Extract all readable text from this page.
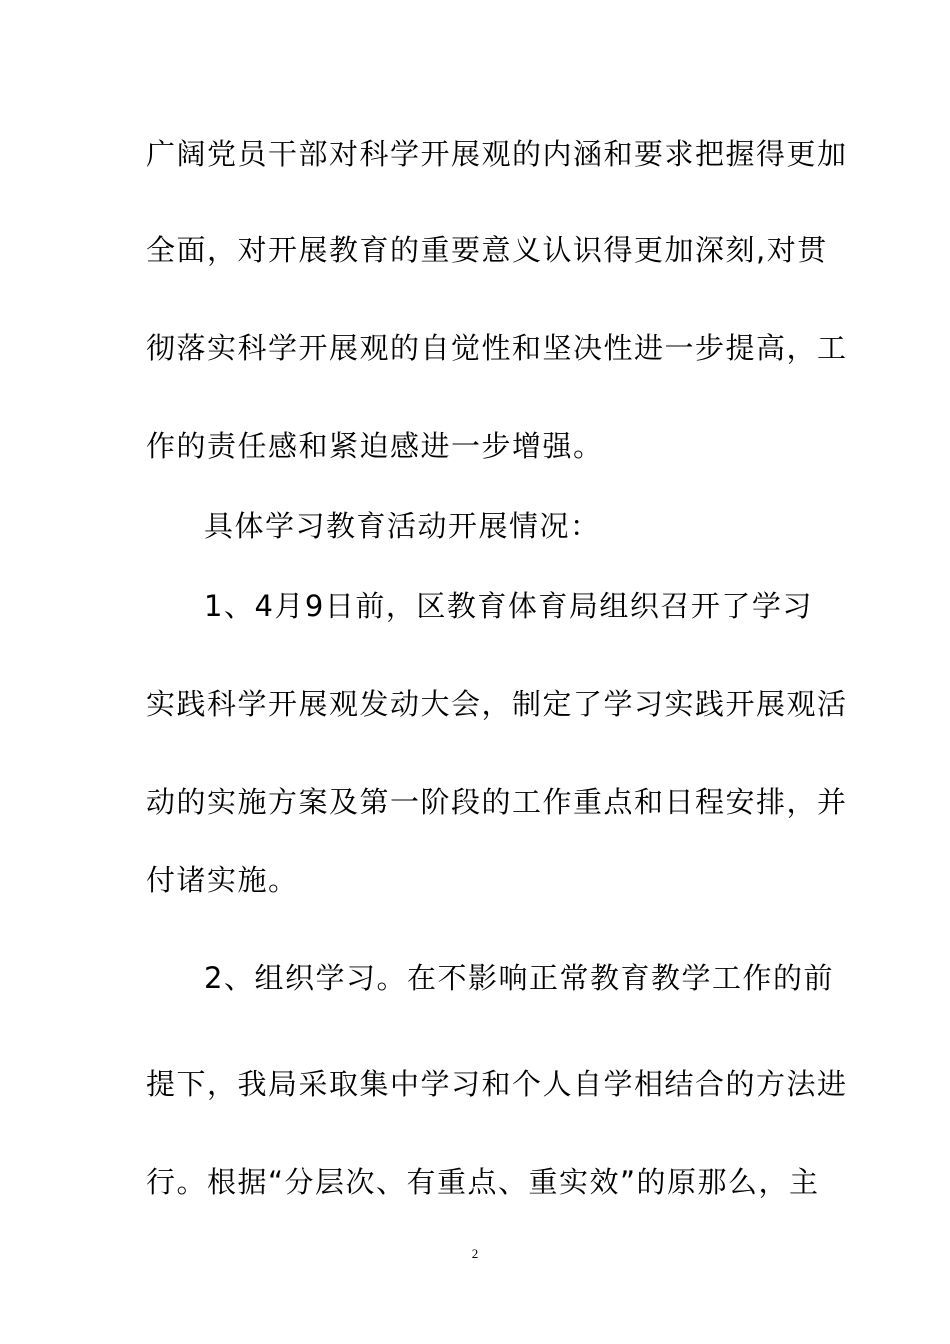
广阔党员干部对科学开展观的内涵和要求把握得更加
全面，对开展教育的重要意义认识得更加深刻,对贯
彻落实科学开展观的自觉性和坚决性进一步提高，工
作的责任感和紧迫感进一步增强。
具体学习教育活动开展情况：
1、4月9日前，区教育体育局组织召开了学习
实践科学开展观发动大会，制定了学习实践开展观活
动的实施方案及第一阶段的工作重点和日程安排，并
付诸实施。
2、组织学习。在不影响正常教育教学工作的前
提下，我局采取集中学习和个人自学相结合的方法进
行。根据“分层次、有重点、重实效”的原那么，主
2
